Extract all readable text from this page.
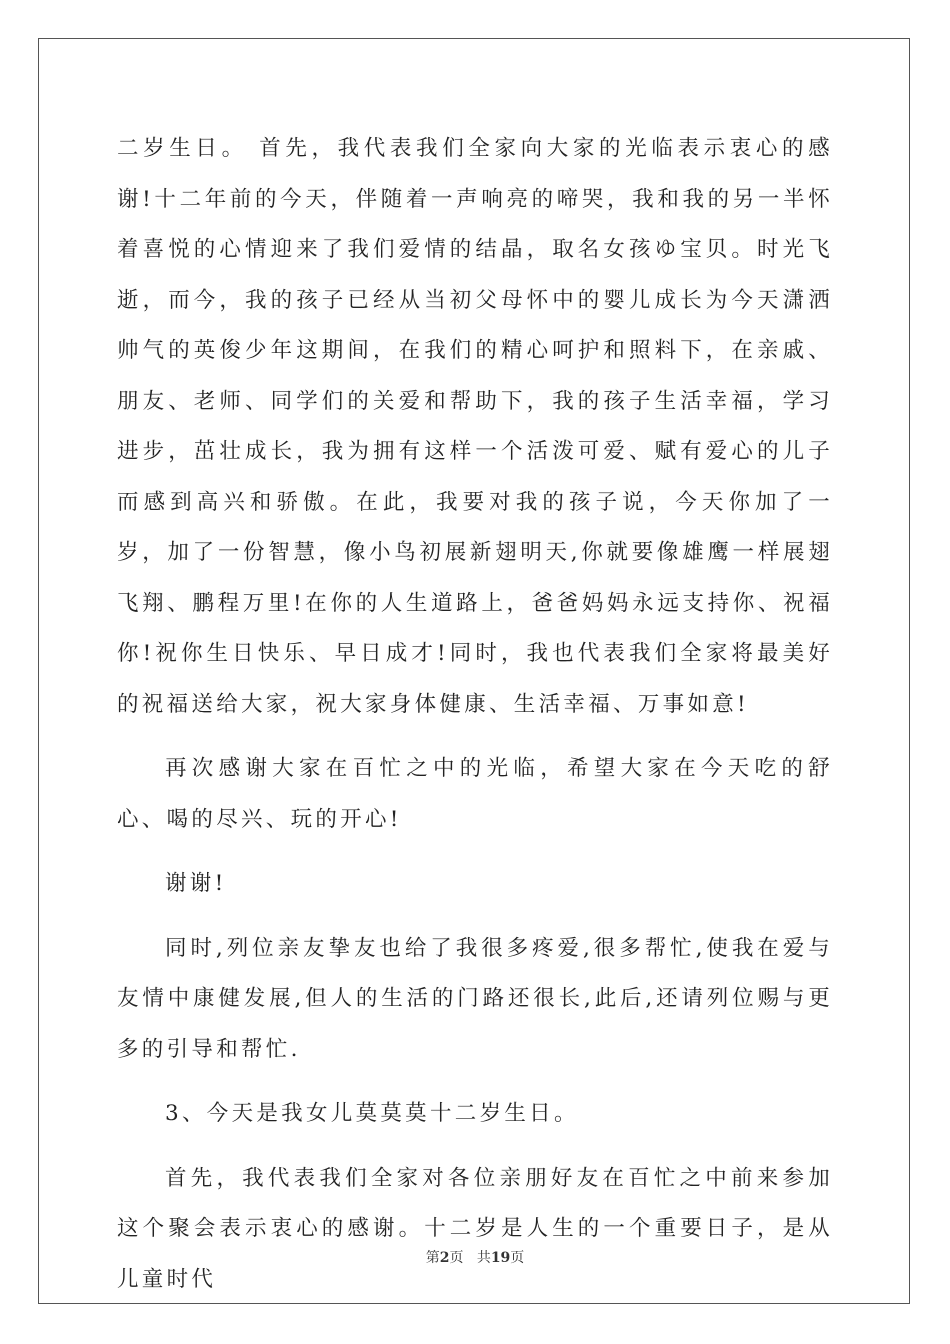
二岁生日。 首先，我代表我们全家向大家的光临表示衷心的感谢!十二年前的今天，伴随着一声响亮的啼哭，我和我的另一半怀着喜悦的心情迎来了我们爱情的结晶，取名女孩ゆ宝贝。时光飞逝，而今，我的孩子已经从当初父母怀中的婴儿成长为今天潇洒帅气的英俊少年这期间，在我们的精心呵护和照料下，在亲戚、朋友、老师、同学们的关爱和帮助下，我的孩子生活幸福，学习进步，茁壮成长，我为拥有这样一个活泼可爱、赋有爱心的儿子而感到高兴和骄傲。在此，我要对我的孩子说，今天你加了一岁，加了一份智慧，像小鸟初展新翅明天,你就要像雄鹰一样展翅飞翔、鹏程万里!在你的人生道路上，爸爸妈妈永远支持你、祝福你!祝你生日快乐、早日成才!同时，我也代表我们全家将最美好的祝福送给大家，祝大家身体健康、生活幸福、万事如意!

再次感谢大家在百忙之中的光临，希望大家在今天吃的舒心、喝的尽兴、玩的开心!

谢谢!

同时,列位亲友挚友也给了我很多疼爱,很多帮忙,使我在爱与友情中康健发展,但人的生活的门路还很长,此后,还请列位赐与更多的引导和帮忙.

3、今天是我女儿莫莫莫十二岁生日。

首先，我代表我们全家对各位亲朋好友在百忙之中前来参加这个聚会表示衷心的感谢。十二岁是人生的一个重要日子，是从儿童时代

第2页 共19页
